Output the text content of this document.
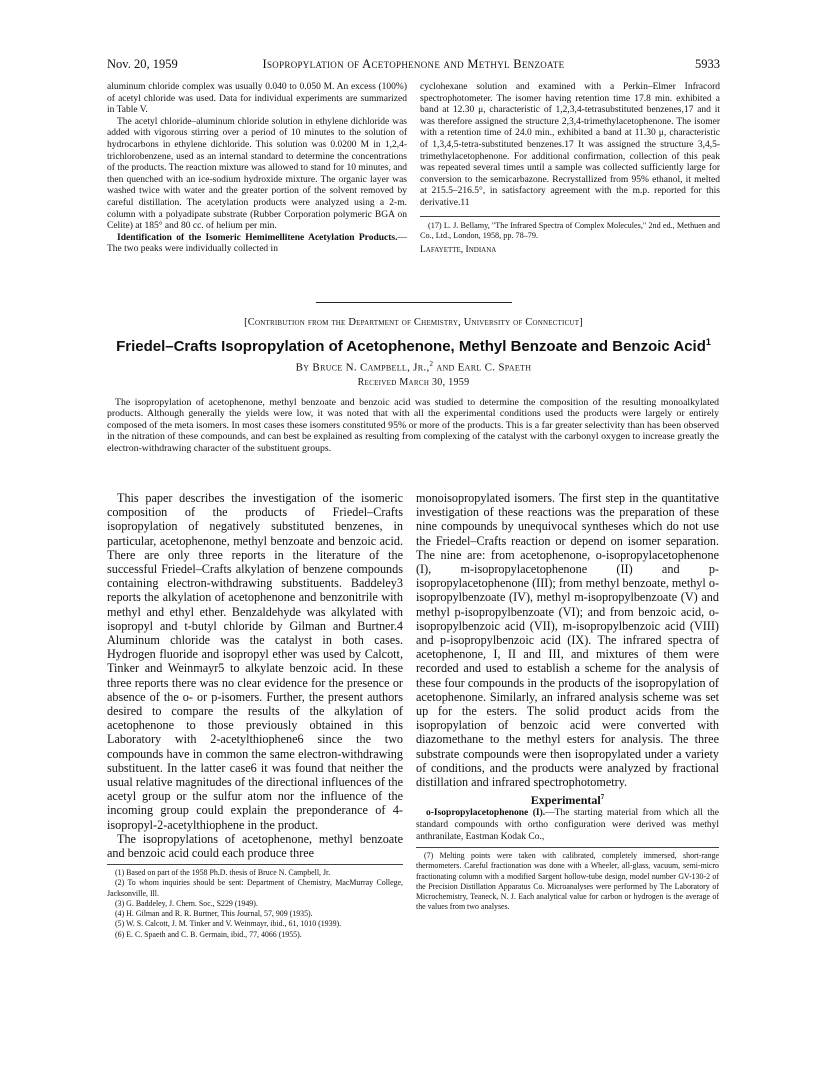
Nov. 20, 1959	Isopropylation of Acetophenone and Methyl Benzoate	5933

aluminum chloride complex was usually 0.040 to 0.050 M. An excess (100%) of acetyl chloride was used. Data for individual experiments are summarized in Table V.

The acetyl chloride–aluminum chloride solution in ethylene dichloride was added with vigorous stirring over a period of 10 minutes to the solution of hydrocarbons in ethylene dichloride. This solution was 0.0200 M in 1,2,4-trichlorobenzene, used as an internal standard to determine the concentrations of the products. The reaction mixture was allowed to stand for 10 minutes, and then quenched with an ice-sodium hydroxide mixture. The organic layer was washed twice with water and the greater portion of the solvent removed by careful distillation. The acetylation products were analyzed using a 2-m. column with a polyadipate substrate (Rubber Corporation polymeric BGA on Celite) at 185° and 80 cc. of helium per min.

Identification of the Isomeric Hemimellitene Acetylation Products.—The two peaks were individually collected in

cyclohexane solution and examined with a Perkin–Elmer Infracord spectrophotometer. The isomer having retention time 17.8 min. exhibited a band at 12.30 μ, characteristic of 1,2,3,4-tetrasubstituted benzenes,17 and it was therefore assigned the structure 2,3,4-trimethylacetophenone. The isomer with a retention time of 24.0 min., exhibited a band at 11.30 μ, characteristic of 1,3,4,5-tetra-substituted benzenes.17 It was assigned the structure 3,4,5-trimethylacetophenone. For additional confirmation, collection of this peak was repeated several times until a sample was collected sufficiently large for conversion to the semicarbazone. Recrystallized from 95% ethanol, it melted at 215.5–216.5°, in satisfactory agreement with the m.p. reported for this derivative.11

(17) L. J. Bellamy, "The Infrared Spectra of Complex Molecules," 2nd ed., Methuen and Co., Ltd., London, 1958, pp. 78–79.
Lafayette, Indiana
[Contribution from the Department of Chemistry, University of Connecticut]
Friedel–Crafts Isopropylation of Acetophenone, Methyl Benzoate and Benzoic Acid$^1$
By Bruce N. Campbell, Jr.,$^2$ and Earl C. Spaeth
Received March 30, 1959
The isopropylation of acetophenone, methyl benzoate and benzoic acid was studied to determine the composition of the resulting monoalkylated products. Although generally the yields were low, it was noted that with all the experimental conditions used the products were largely or entirely composed of the meta isomers. In most cases these isomers constituted 95% or more of the products. This is a far greater selectivity than has been observed in the nitration of these compounds, and can best be explained as resulting from complexing of the catalyst with the carbonyl oxygen to increase greatly the electron-withdrawing character of the substituent groups.

This paper describes the investigation of the isomeric composition of the products of Friedel–Crafts isopropylation of negatively substituted benzenes, in particular, acetophenone, methyl benzoate and benzoic acid. There are only three reports in the literature of the successful Friedel–Crafts alkylation of benzene compounds containing electron-withdrawing substituents. Baddeley3 reports the alkylation of acetophenone and benzonitrile with methyl and ethyl ether. Benzaldehyde was alkylated with isopropyl and t-butyl chloride by Gilman and Burtner.4 Aluminum chloride was the catalyst in both cases. Hydrogen fluoride and isopropyl ether was used by Calcott, Tinker and Weinmayr5 to alkylate benzoic acid. In these three reports there was no clear evidence for the presence or absence of the o- or p-isomers. Further, the present authors desired to compare the results of the alkylation of acetophenone to those previously obtained in this Laboratory with 2-acetylthiophene6 since the two compounds have in common the same electron-withdrawing substituent. In the latter case6 it was found that neither the usual relative magnitudes of the directional influences of the acetyl group or the sulfur atom nor the influence of the incoming group could explain the preponderance of 4-isopropyl-2-acetylthiophene in the product.

The isopropylations of acetophenone, methyl benzoate and benzoic acid could each produce three

(1) Based on part of the 1958 Ph.D. thesis of Bruce N. Campbell, Jr.
(2) To whom inquiries should be sent: Department of Chemistry, MacMurray College, Jacksonville, Ill.
(3) G. Baddeley, J. Chem. Soc., S229 (1949).
(4) H. Gilman and R. R. Burtner, This Journal, 57, 909 (1935).
(5) W. S. Calcott, J. M. Tinker and V. Weinmayr, ibid., 61, 1010 (1939).
(6) E. C. Spaeth and C. B. Germain, ibid., 77, 4066 (1955).

monoisopropylated isomers. The first step in the quantitative investigation of these reactions was the preparation of these nine compounds by unequivocal syntheses which do not use the Friedel–Crafts reaction or depend on isomer separation. The nine are: from acetophenone, o-isopropylacetophenone (I), m-isopropylacetophenone (II) and p-isopropylacetophenone (III); from methyl benzoate, methyl o-isopropylbenzoate (IV), methyl m-isopropylbenzoate (V) and methyl p-isopropylbenzoate (VI); and from benzoic acid, o-isopropylbenzoic acid (VII), m-isopropylbenzoic acid (VIII) and p-isopropylbenzoic acid (IX). The infrared spectra of acetophenone, I, II and III, and mixtures of them were recorded and used to establish a scheme for the analysis of these four compounds in the products of the isopropylation of acetophenone. Similarly, an infrared analysis scheme was set up for the esters. The solid product acids from the isopropylation of benzoic acid were converted with diazomethane to the methyl esters for analysis. The three substrate compounds were then isopropylated under a variety of conditions, and the products were analyzed by fractional distillation and infrared spectrophotometry.

Experimental$^7$

o-Isopropylacetophenone (I).—The starting material from which all the standard compounds with ortho configuration were derived was methyl anthranilate, Eastman Kodak Co.,

(7) Melting points were taken with calibrated, completely immersed, short-range thermometers. Careful fractionation was done with a Wheeler, all-glass, vacuum, semi-micro fractionating column with a modified Sargent hollow-tube design, model number GV-130-2 of the Precision Distillation Apparatus Co. Microanalyses were performed by The Laboratory of Microchemistry, Teaneck, N. J. Each analytical value for carbon or hydrogen is the average of the values from two analyses.
